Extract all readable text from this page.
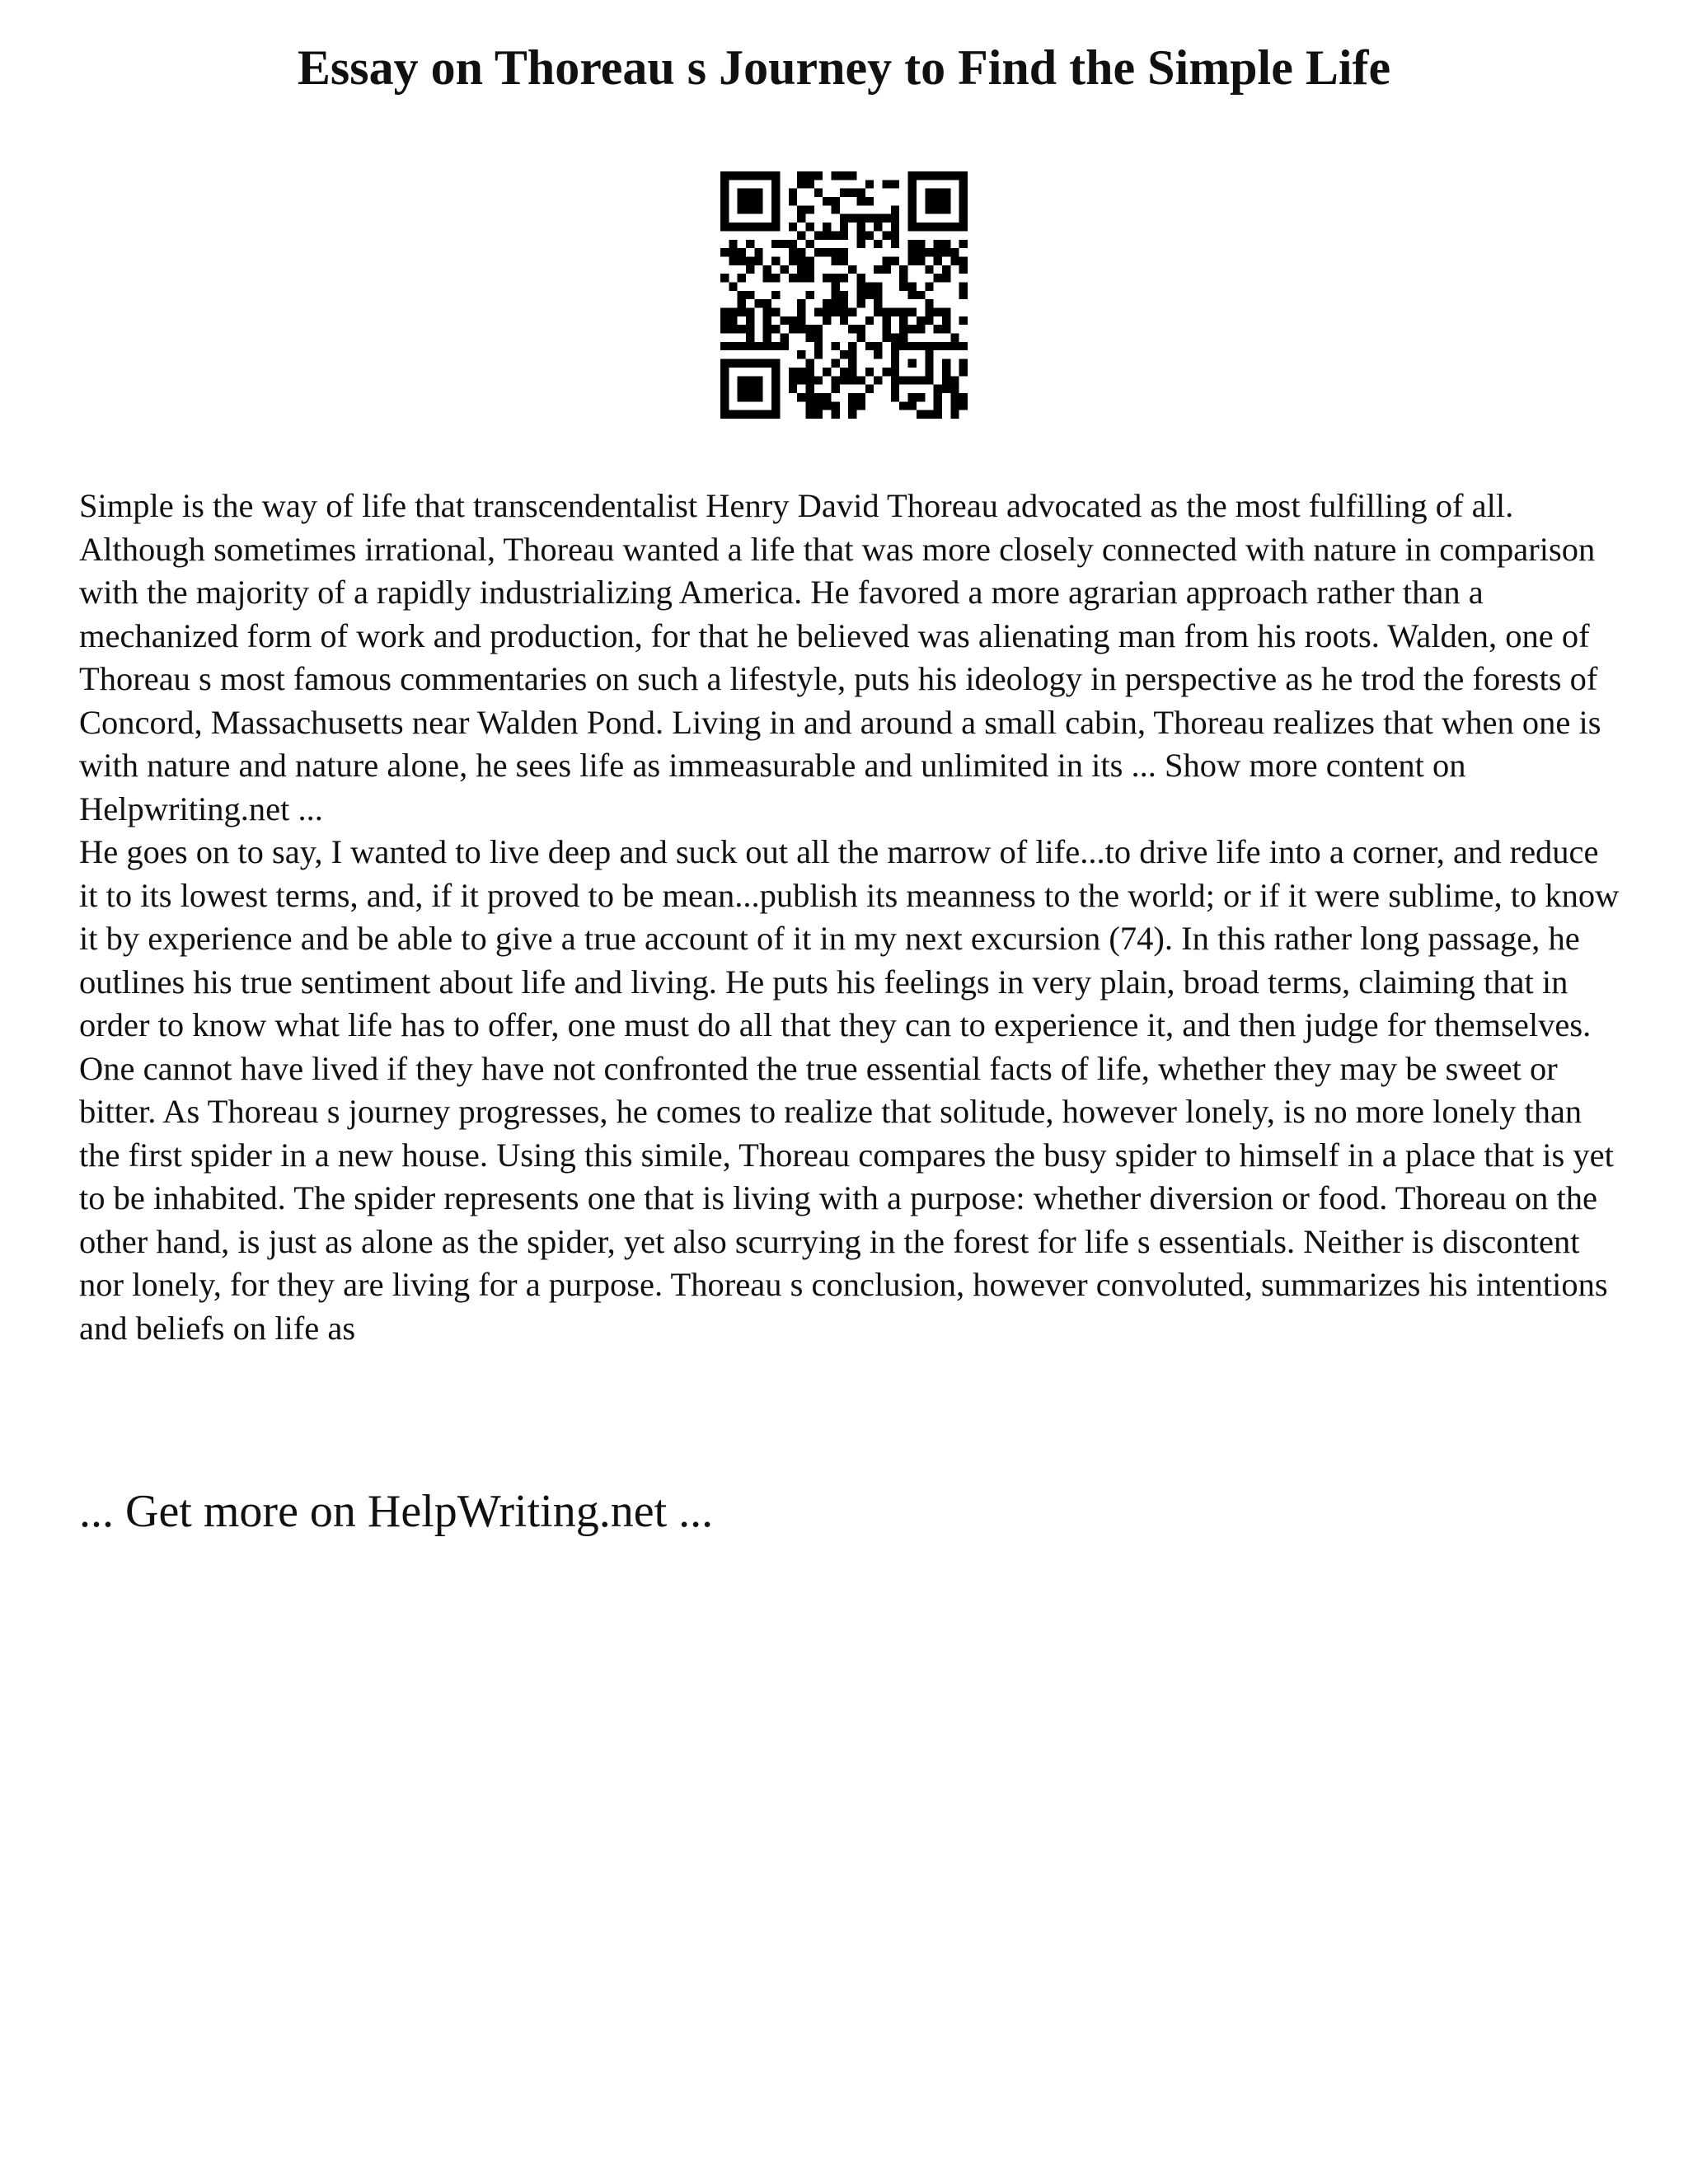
Essay on Thoreau s Journey to Find the Simple Life

Simple is the way of life that transcendentalist Henry David Thoreau advocated as the most fulfilling of all. Although sometimes irrational, Thoreau wanted a life that was more closely connected with nature in comparison with the majority of a rapidly industrializing America. He favored a more agrarian approach rather than a mechanized form of work and production, for that he believed was alienating man from his roots. Walden, one of Thoreau s most famous commentaries on such a lifestyle, puts his ideology in perspective as he trod the forests of Concord, Massachusetts near Walden Pond. Living in and around a small cabin, Thoreau realizes that when one is with nature and nature alone, he sees life as immeasurable and unlimited in its ... Show more content on Helpwriting.net ...

He goes on to say, I wanted to live deep and suck out all the marrow of life...to drive life into a corner, and reduce it to its lowest terms, and, if it proved to be mean...publish its meanness to the world; or if it were sublime, to know it by experience and be able to give a true account of it in my next excursion (74). In this rather long passage, he outlines his true sentiment about life and living. He puts his feelings in very plain, broad terms, claiming that in order to know what life has to offer, one must do all that they can to experience it, and then judge for themselves. One cannot have lived if they have not confronted the true essential facts of life, whether they may be sweet or bitter. As Thoreau s journey progresses, he comes to realize that solitude, however lonely, is no more lonely than the first spider in a new house. Using this simile, Thoreau compares the busy spider to himself in a place that is yet to be inhabited. The spider represents one that is living with a purpose: whether diversion or food. Thoreau on the other hand, is just as alone as the spider, yet also scurrying in the forest for life s essentials. Neither is discontent nor lonely, for they are living for a purpose. Thoreau s conclusion, however convoluted, summarizes his intentions and beliefs on life as

... Get more on HelpWriting.net ...
